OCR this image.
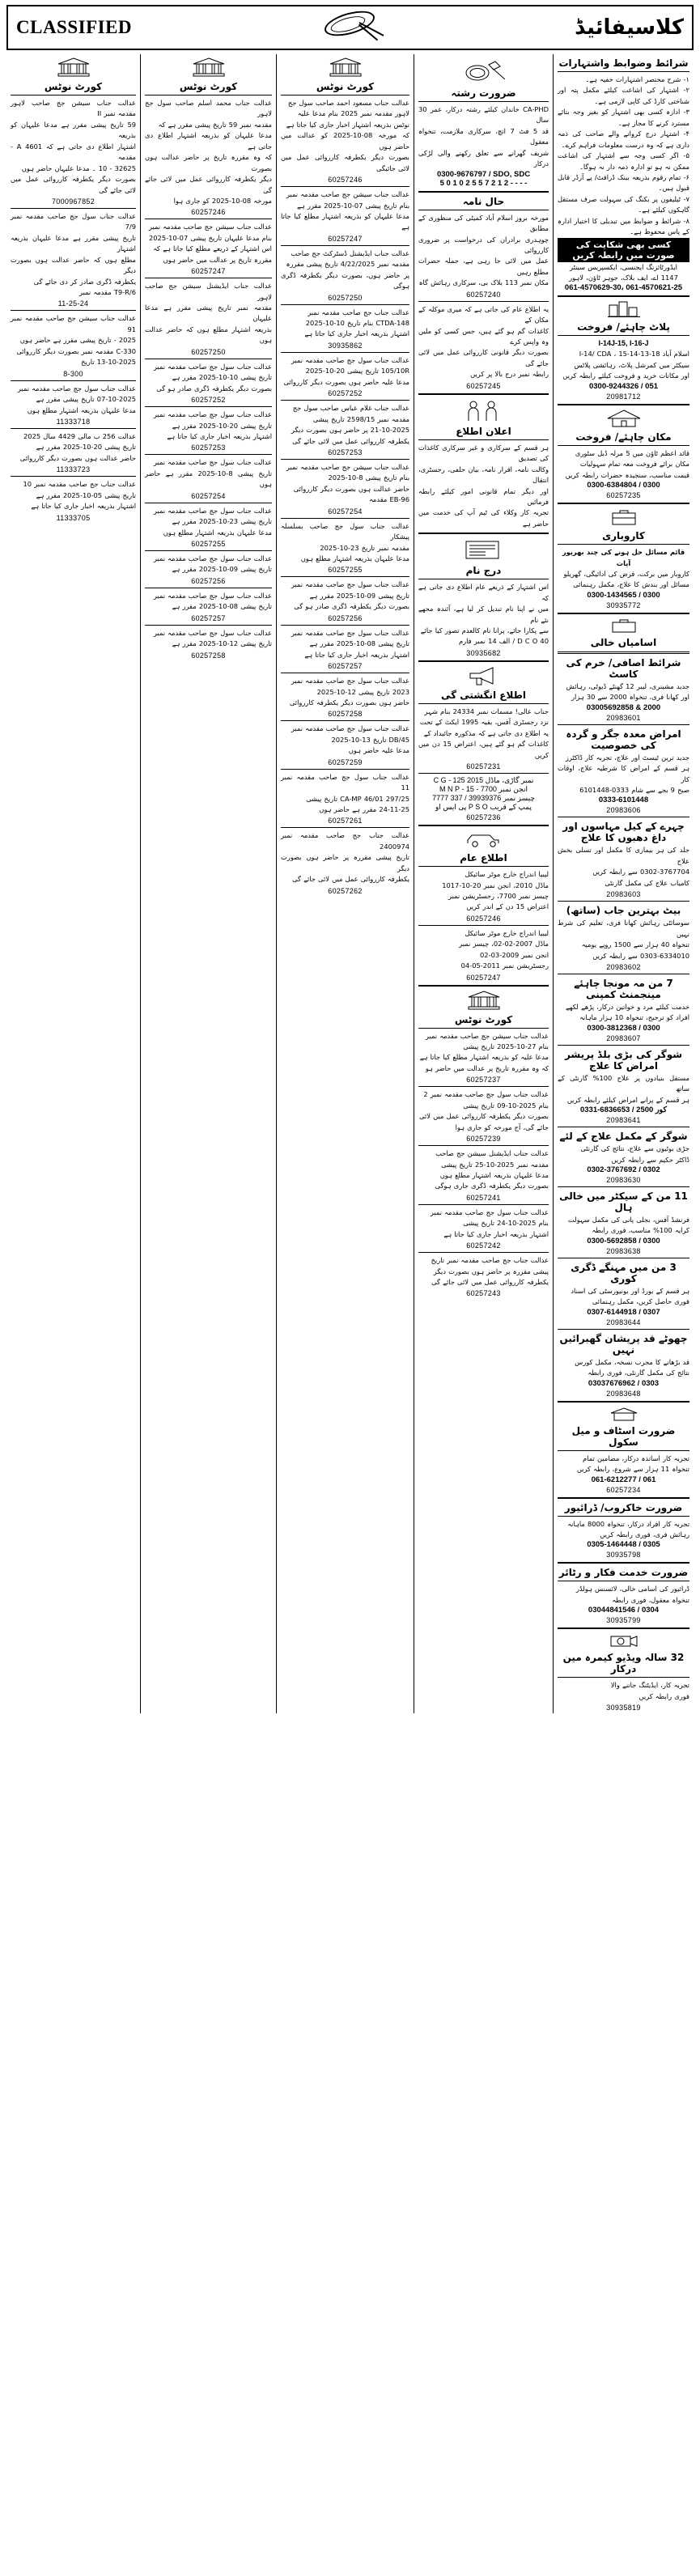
CLASSIFIED	کلاسیفائیڈ
شرائط وضوابط واشتہارات
۱- شرح مختصر اشتہارات خفیہ ہے۔
۲- اشتہار کی اشاعت کیلئے مکمل پتہ اور شناختی کارڈ کی کاپی لازمی ہے۔
۳- ادارہ کسی بھی اشتہار کو بغیر وجہ بتائے مسترد کرنے کا مجاز ہے۔
۴- اشتہار درج کروانے والے صاحب کی ذمہ داری ہے کہ وہ درست معلومات فراہم کرے۔
۵- اگر کسی وجہ سے اشتہار کی اشاعت ممکن نہ ہو تو ادارہ ذمہ دار نہ ہوگا۔
۶- تمام رقوم بذریعہ بینک ڈرافٹ/ پے آرڈر قابل قبول ہیں۔
۷- ٹیلیفون پر بکنگ کی سہولت صرف مستقل گاہکوں کیلئے ہے۔
۸- شرائط و ضوابط میں تبدیلی کا اختیار ادارہ کے پاس محفوظ ہے۔
کسی بھی شکایت کی صورت میں رابطہ کریں
ایڈورٹائزنگ ایجنسی، ایکسپریس سینٹر
1147 اے، ایف بلاک، جوہر ٹاؤن، لاہور
061-4570629-30، 061-4570621-25
پلاٹ چاہئے/ فروخت
I-14J-15, I-16-J
اسلام آباد I-14/ CDA ، 15-14-13-18
سیکٹر میں کمرشل پلاٹ، رہائشی پلاٹس
اور مکانات خرید و فروخت کیلئے رابطہ کریں
0300-9244326 / 051
20981712
مکان چاہئے/ فروخت
قائد اعظم ٹاؤن میں 5 مرلہ ڈبل سٹوری
مکان برائے فروخت معہ تمام سہولیات
قیمت مناسب، سنجیدہ حضرات رابطہ کریں
0300-6384804 / 0300
60257235
کاروباری
قائم مسائل حل ہونے کی چند بھرپور آیات
کاروبار میں برکت، قرض کی ادائیگی، گھریلو
مسائل اور بندش کا علاج، مکمل رہنمائی
0300-1434565 / 0300
30935772
اسامیاں خالی
شرائط اصافی/ خرم کی کاسٹ
جدید مشینری، لیبر 12 گھنٹے ڈیوٹی، رہائش
اور کھانا فری، تنخواہ 2000 سے 30 ہزار
03005692858 & 2000
20983601
امراض معدہ جگر و گردہ کی خصوصیت
جدید ترین ٹیسٹ اور علاج، تجربہ کار ڈاکٹرز
ہر قسم کے امراض کا شرطیہ علاج، اوقات کار
صبح 9 بجے سے شام 0333-6101448
0333-6101448
20983606
چہرے کے کیل مہاسوں اور داغ دھبوں کا علاج
جلد کی ہر بیماری کا مکمل اور تسلی بخش علاج
0302-3767704 سے رابطہ کریں
کامیاب علاج کی مکمل گارنٹی
20983603
بیٹ بہترین جاب (ساتھ)
سوسائٹی رہائش کھانا فری، تعلیم کی شرط نہیں
تنخواہ 40 ہزار سے 1500 روپے یومیہ
0303-6334010 سے رابطہ کریں
20983602
7 من مہ مونجا چاہئے مینجمنٹ کمپنی
خدمت کیلئے مرد و خواتین درکار، پڑھے لکھے
افراد کو ترجیح، تنخواہ 10 ہزار ماہانہ
0300-3812368 / 0300
20983607
شوگر کی بڑی بلڈ پریشر امراض کا علاج
مستقل بنیادوں پر علاج 100% گارنٹی کے ساتھ
ہر قسم کے پرانے امراض کیلئے رابطہ کریں
0331-6836653 / 2500 کور
20983641
شوگر کے مکمل علاج کے لئے
جڑی بوٹیوں سے علاج، نتائج کی گارنٹی
ڈاکٹر حکیم سے رابطہ کریں
0302-3767692 / 0302
20983630
11 من کے سیکٹر میں خالی ہال
فرنشڈ آفس، بجلی پانی کی مکمل سہولت
کرایہ 100% مناسب، فوری رابطہ
0300-5692858 / 0300
20983638
3 من میں مہنگے ڈگری کوری
ہر قسم کے بورڈ اور یونیورسٹی کی اسناد
فوری حاصل کریں، مکمل رہنمائی
0307-6144918 / 0307
20983644
چھوٹے قد پریشان گھبرائیں نہیں
قد بڑھانے کا مجرب نسخہ، مکمل کورس
نتائج کی مکمل گارنٹی، فوری رابطہ
03037676962 / 0303
20983648
ضرورت اسٹاف و میل سکول
تجربہ کار اساتذہ درکار، مضامین تمام
تنخواہ 11 ہزار سے شروع، رابطہ کریں
061-6212277 / 061
60257234
ضرورت خاکروب/ ڈرائیور
تجربہ کار افراد درکار، تنخواہ 8000 ماہانہ
رہائش فری، فوری رابطہ کریں
0305-1464448 / 0305
30935798
ضرورت خدمت فکار و رٹائر
ڈرائیور کی اسامی خالی، لائسنس ہولڈر
تنخواہ معقول، فوری رابطہ
03044841546 / 0304
30935799
32 سالہ ویڈیو کیمرہ مین درکار
تجربہ کار، ایڈیٹنگ جاننے والا
فوری رابطہ کریں
30935819
ضرورت رشتہ
CA-PHD خاندان کیلئے رشتہ درکار، عمر 30 سال
قد 5 فٹ 7 انچ، سرکاری ملازمت، تنخواہ معقول
شریف گھرانے سے تعلق رکھنے والی لڑکی درکار
0300-9676797 / SDO, SDC
5 0 1 0 2 5 5 7 2 1 2 - - - -
حال نامہ
مورخہ بروز اسلام آباد کمیٹی کی منظوری کے مطابق
چوہدری برادران کی درخواست پر ضروری کارروائی
عمل میں لائی جا رہی ہے، جملہ حضرات مطلع رہیں
مکان نمبر 113 بلاک بی، سرکاری رہائش گاہ
60257240
یہ اطلاع عام کی جاتی ہے کہ میری موکلہ کے مکان کے
کاغذات گم ہو گئے ہیں، جس کسی کو ملیں وہ واپس کرے
بصورت دیگر قانونی کارروائی عمل میں لائی جائے گی
رابطہ نمبر درج بالا پر کریں
60257245
اعلان اطلاع
ہر قسم کے سرکاری و غیر سرکاری کاغذات کی تصدیق
وکالت نامہ، اقرار نامہ، بیان حلفی، رجسٹری، انتقال
اور دیگر تمام قانونی امور کیلئے رابطہ فرمائیں
تجربہ کار وکلاء کی ٹیم آپ کی خدمت میں حاضر ہے
درج نام
اس اشتہار کے ذریعے عام اطلاع دی جاتی ہے کہ
میں نے اپنا نام تبدیل کر لیا ہے، آئندہ مجھے نئے نام
سے پکارا جائے، پرانا نام کالعدم تصور کیا جائے
D C O 40 / الف 14 نمبر فارم
30935682
اطلاع انگشتی گی
جناب عالی! مسمات نمبر 24334 بنام شہر
نزد رجسٹری آفس، بقیہ 1995 ایکٹ کے تحت
یہ اطلاع دی جاتی ہے کہ مذکورہ جائیداد کے
کاغذات گم ہو گئے ہیں، اعتراض 15 دن میں کریں
60257231
C G - 125 نمبر گاڑی، ماڈل 2015
M N P - 15 - 7700 انجن نمبر
7777 چیسز نمبر 39939376 / 337
پی ایس او P S O پمپ کے قریب
60257236
اطلاع عام
لیبیا اندراج خارج موٹر سائیکل
ماڈل 2010، انجن نمبر 20-10-1017
چیسز نمبر 7700، رجسٹریشن نمبر
اعتراض 15 دن کے اندر کریں
60257246
لیبیا اندراج خارج موٹر سائیکل
ماڈل 2007-02-02، چیسز نمبر
انجن نمبر 2009-03-02
رجسٹریشن نمبر 2011-05-04
60257247
کورٹ نوٹس
عدالت جناب سیشن جج صاحب مقدمہ نمبر
بنام 27-10-2025 تاریخ پیشی
مدعا علیہ کو بذریعہ اشتہار مطلع کیا جاتا ہے
کہ وہ مقررہ تاریخ پر عدالت میں حاضر ہو
60257237
عدالت جناب سول جج صاحب مقدمہ نمبر 2
بنام 2025-10-09 تاریخ پیشی
بصورت دیگر یکطرفہ کارروائی عمل میں لائی
جائے گی، آج مورخہ کو جاری ہوا
60257239
عدالت جناب ایڈیشنل سیشن جج صاحب
مقدمہ نمبر 2025-10-25 تاریخ پیشی
مدعا علیہان بذریعہ اشتہار مطلع ہوں
بصورت دیگر یکطرفہ ڈگری جاری ہوگی
60257241
عدالت جناب سول جج صاحب مقدمہ نمبر
بنام 2025-10-24 تاریخ پیشی
اشتہار بذریعہ اخبار جاری کیا جاتا ہے
60257242
عدالت جناب جج صاحب مقدمہ نمبر تاریخ
پیشی مقررہ پر حاضر ہوں بصورت دیگر
یکطرفہ کارروائی عمل میں لائی جائے گی
60257243
کورٹ نوٹس
عدالت جناب مسعود احمد صاحب سول جج
لاہور مقدمہ نمبر 2025 بنام مدعا علیہ
نوٹس بذریعہ اشتہار اخبار جاری کیا جاتا ہے
کہ مورخہ 08-10-2025 کو عدالت میں حاضر ہوں
بصورت دیگر یکطرفہ کارروائی عمل میں لائی جائیگی
60257246
عدالت جناب سیشن جج صاحب مقدمہ نمبر
بنام تاریخ پیشی 07-10-2025 مقرر ہے
مدعا علیہان کو بذریعہ اشتہار مطلع کیا جاتا ہے
60257247
عدالت جناب ایڈیشنل ڈسٹرکٹ جج صاحب
مقدمہ نمبر 4/22/2025 تاریخ پیشی مقررہ
پر حاضر ہوں، بصورت دیگر یکطرفہ ڈگری ہوگی
60257250
عدالت جناب جج صاحب مقدمہ نمبر
148-CTDA بنام تاریخ 10-10-2025
اشتہار بذریعہ اخبار جاری کیا جاتا ہے
30935862
عدالت جناب سول جج صاحب مقدمہ نمبر
105/10R تاریخ پیشی 20-10-2025
مدعا علیہ حاضر ہوں بصورت دیگر کارروائی
60257252
عدالت جناب غلام عباس صاحب سول جج
مقدمہ نمبر 2598/15 تاریخ پیشی
21-10-2025 پر حاضر ہوں بصورت دیگر
یکطرفہ کارروائی عمل میں لائی جائے گی
60257253
عدالت جناب سیشن جج صاحب مقدمہ نمبر
بنام تاریخ پیشی 8-10-2025
حاضر عدالت ہوں بصورت دیگر کارروائی
EB-96 مقدمہ
60257254
عدالت جناب سول جج صاحب بسلسلہ پیشکار
مقدمہ نمبر تاریخ 23-10-2025
مدعا علیہان بذریعہ اشتہار مطلع ہوں
60257255
عدالت جناب سول جج صاحب مقدمہ نمبر
تاریخ پیشی 09-10-2025 مقرر ہے
بصورت دیگر یکطرفہ ڈگری صادر ہو گی
60257256
عدالت جناب سول جج صاحب مقدمہ نمبر
تاریخ پیشی 08-10-2025 مقرر ہے
اشتہار بذریعہ اخبار جاری کیا جاتا ہے
60257257
عدالت جناب سول جج صاحب مقدمہ نمبر
2023 تاریخ پیشی 12-10-2025
حاضر ہوں بصورت دیگر یکطرفہ کارروائی
60257258
عدالت جناب سول جج صاحب مقدمہ نمبر
45/DB تاریخ 13-10-2025
مدعا علیہ حاضر ہوں
60257259
عدالت جناب سول جج صاحب مقدمہ نمبر 11
297/25 CA-MP 46/01 تاریخ پیشی
24-11-25 مقرر ہے حاضر ہوں
60257261
عدالت جناب جج صاحب مقدمہ نمبر 2400974
تاریخ پیشی مقررہ پر حاضر ہوں بصورت دیگر
یکطرفہ کارروائی عمل میں لائی جائے گی
60257262
کورٹ نوٹس
عدالت جناب محمد اسلم صاحب سول جج لاہور
مقدمہ نمبر 59 تاریخ پیشی مقرر ہے کہ
مدعا علیہان کو بذریعہ اشتہار اطلاع دی جاتی ہے
کہ وہ مقررہ تاریخ پر حاضر عدالت ہوں بصورت
دیگر یکطرفہ کارروائی عمل میں لائی جائے گی
مورخہ 08-10-2025 کو جاری ہوا
60257246
عدالت جناب سیشن جج صاحب مقدمہ نمبر
بنام مدعا علیہان تاریخ پیشی 07-10-2025
اس اشتہار کے ذریعے مطلع کیا جاتا ہے کہ
مقررہ تاریخ پر عدالت میں حاضر ہوں
60257247
عدالت جناب ایڈیشنل سیشن جج صاحب لاہور
مقدمہ نمبر تاریخ پیشی مقرر ہے مدعا علیہان
بذریعہ اشتہار مطلع ہوں کہ حاضر عدالت ہوں
60257250
عدالت جناب سول جج صاحب مقدمہ نمبر
تاریخ پیشی 10-10-2025 مقرر ہے
بصورت دیگر یکطرفہ ڈگری صادر ہو گی
60257252
عدالت جناب سول جج صاحب مقدمہ نمبر
تاریخ پیشی 20-10-2025 مقرر ہے
اشتہار بذریعہ اخبار جاری کیا جاتا ہے
60257253
عدالت جناب سول جج صاحب مقدمہ نمبر
تاریخ پیشی 8-10-2025 مقرر ہے حاضر ہوں
60257254
عدالت جناب سول جج صاحب مقدمہ نمبر
تاریخ پیشی 23-10-2025 مقرر ہے
مدعا علیہان بذریعہ اشتہار مطلع ہوں
60257255
عدالت جناب سول جج صاحب مقدمہ نمبر
تاریخ پیشی 09-10-2025 مقرر ہے
60257256
عدالت جناب سول جج صاحب مقدمہ نمبر
تاریخ پیشی 08-10-2025 مقرر ہے
60257257
عدالت جناب سول جج صاحب مقدمہ نمبر
تاریخ پیشی 12-10-2025 مقرر ہے
60257258
کورٹ نوٹس
عدالت جناب سیشن جج صاحب لاہور مقدمہ نمبر II
59 تاریخ پیشی مقرر ہے مدعا علیہان کو بذریعہ
اشتہار اطلاع دی جاتی ہے کہ 4601 A - مقدمہ
32625 - 10 ۔ مدعا علیہان حاضر ہوں
بصورت دیگر یکطرفہ کارروائی عمل میں لائی جائے گی
7000967852
عدالت جناب سول جج صاحب مقدمہ نمبر 7/9
تاریخ پیشی مقرر ہے مدعا علیہان بذریعہ اشتہار
مطلع ہوں کہ حاضر عدالت ہوں بصورت دیگر
یکطرفہ ڈگری صادر کر دی جائے گی
T9-R/6 مقدمہ نمبر
11-25-24
عدالت جناب سیشن جج صاحب مقدمہ نمبر 91
2025 - تاریخ پیشی مقرر ہے حاضر ہوں
C-330 مقدمہ نمبر بصورت دیگر کارروائی
13-10-2025 تاریخ
8-300
عدالت جناب سول جج صاحب مقدمہ نمبر
07-10-2025 تاریخ پیشی مقرر ہے
مدعا علیہان بذریعہ اشتہار مطلع ہوں
11333718
عدالت 256 ب مالی 4429 سال 2025
تاریخ پیشی 20-10-2025 مقرر ہے
حاضر عدالت ہوں بصورت دیگر کارروائی
11333723
عدالت جناب جج صاحب مقدمہ نمبر 10
تاریخ پیشی 05-10-2025 مقرر ہے
اشتہار بذریعہ اخبار جاری کیا جاتا ہے
11333705
